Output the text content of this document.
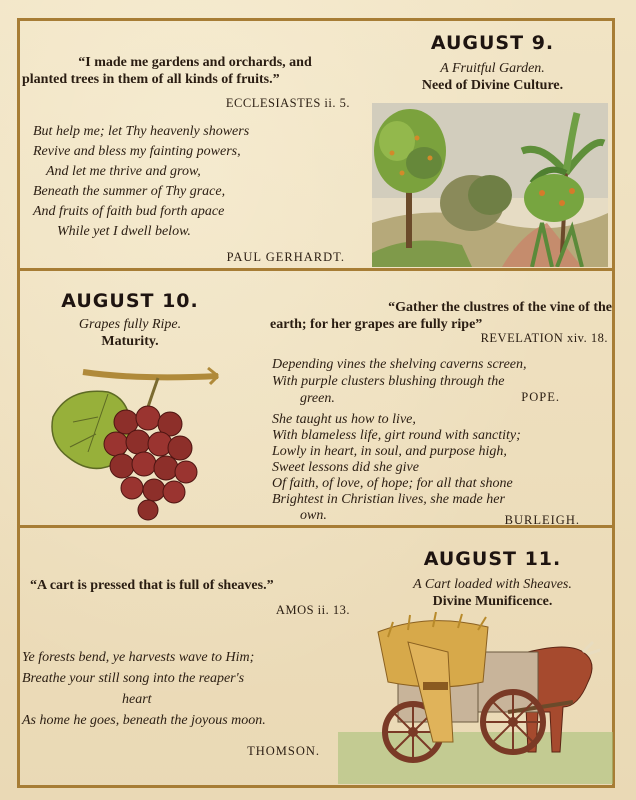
AUGUST 9.
A Fruitful Garden.
Need of Divine Culture.
“I made me gardens and orchards, and
planted trees in them of all kinds of fruits.”
ECCLESIASTES ii. 5.
But help me; let Thy heavenly showers
Revive and bless my fainting powers,
And let me thrive and grow,
Beneath the summer of Thy grace,
And fruits of faith bud forth apace
While yet I dwell below.
PAUL GERHARDT.
AUGUST 10.
Grapes fully Ripe.
Maturity.
“Gather the clustres of the vine of the
earth; for her grapes are fully ripe”
REVELATION xiv. 18.
Depending vines the shelving caverns screen,
With purple clusters blushing through the
green.	POPE.
She taught us how to live,
With blameless life, girt round with sanctity;
Lowly in heart, in soul, and purpose high,
Sweet lessons did she give
Of faith, of love, of hope; for all that shone
Brightest in Christian lives, she made her
own.	BURLEIGH.
AUGUST 11.
A Cart loaded with Sheaves.
Divine Munificence.
“A cart is pressed that is full of sheaves.”
AMOS ii. 13.
Ye forests bend, ye harvests wave to Him;
Breathe your still song into the reaper's
heart
As home he goes, beneath the joyous moon.
THOMSON.
